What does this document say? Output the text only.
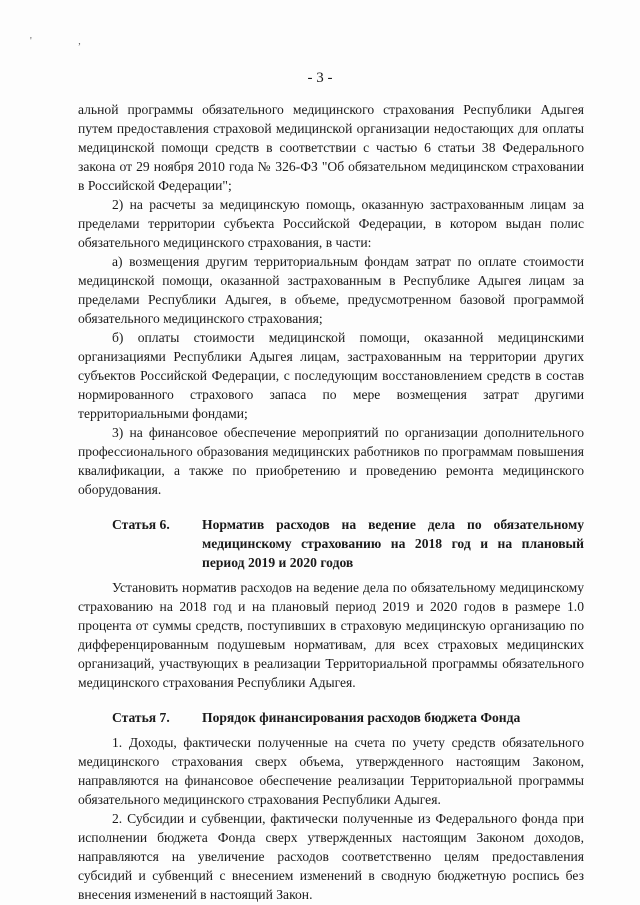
' ,
- 3 -

альной программы обязательного медицинского страхования Республики Адыгея путем предоставления страховой медицинской организации недостающих для оплаты медицинской помощи средств в соответствии с частью 6 статьи 38 Федерального закона от 29 ноября 2010 года № 326-ФЗ "Об обязательном медицинском страховании в Российской Федерации";

2) на расчеты за медицинскую помощь, оказанную застрахованным лицам за пределами территории субъекта Российской Федерации, в котором выдан полис обязательного медицинского страхования, в части:

а) возмещения другим территориальным фондам затрат по оплате стоимости медицинской помощи, оказанной застрахованным в Республике Адыгея лицам за пределами Республики Адыгея, в объеме, предусмотренном базовой программой обязательного медицинского страхования;

б) оплаты стоимости медицинской помощи, оказанной медицинскими организациями Республики Адыгея лицам, застрахованным на территории других субъектов Российской Федерации, с последующим восстановлением средств в состав нормированного страхового запаса по мере возмещения затрат другими территориальными фондами;

3) на финансовое обеспечение мероприятий по организации дополнительного профессионального образования медицинских работников по программам повышения квалификации, а также по приобретению и проведению ремонта медицинского оборудования.

Статья 6.	Норматив расходов на ведение дела по обязательному медицинскому страхованию на 2018 год и на плановый период 2019 и 2020 годов

Установить норматив расходов на ведение дела по обязательному медицинскому страхованию на 2018 год и на плановый период 2019 и 2020 годов в размере 1.0 процента от суммы средств, поступивших в страховую медицинскую организацию по дифференцированным подушевым нормативам, для всех страховых медицинских организаций, участвующих в реализации Территориальной программы обязательного медицинского страхования Республики Адыгея.

Статья 7.	Порядок финансирования расходов бюджета Фонда

1. Доходы, фактически полученные на счета по учету средств обязательного медицинского страхования сверх объема, утвержденного настоящим Законом, направляются на финансовое обеспечение реализации Территориальной программы обязательного медицинского страхования Республики Адыгея.

2. Субсидии и субвенции, фактически полученные из Федерального фонда при исполнении бюджета Фонда сверх утвержденных настоящим Законом доходов, направляются на увеличение расходов соответственно целям предоставления субсидий и субвенций с внесением изменений в сводную бюджетную роспись без внесения изменений в настоящий Закон.
